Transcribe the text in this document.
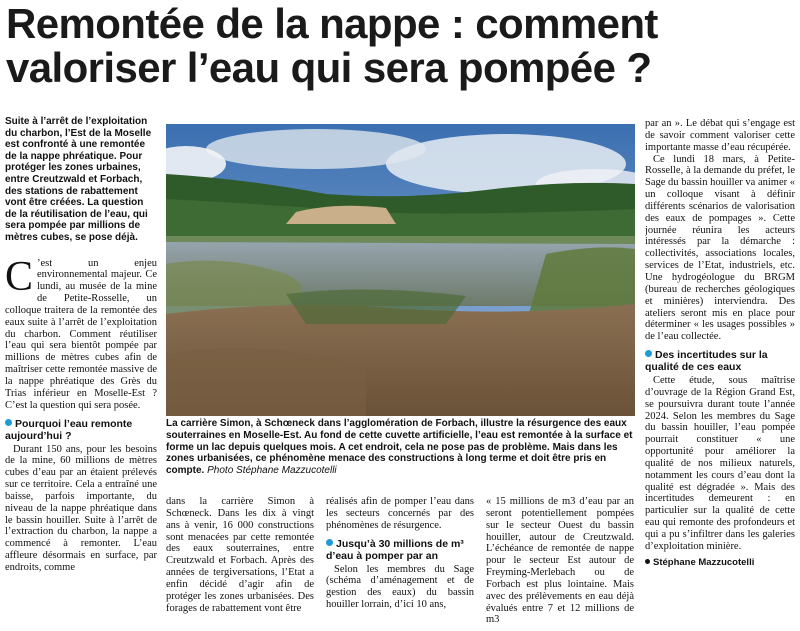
Remontée de la nappe : comment valoriser l’eau qui sera pompée ?
Suite à l’arrêt de l’exploitation du charbon, l’Est de la Moselle est confronté à une remontée de la nappe phréatique. Pour protéger les zones urbaines, entre Creutzwald et Forbach, des stations de rabattement vont être créées. La question de la réutilisation de l’eau, qui sera pompée par millions de mètres cubes, se pose déjà.
C ’est un enjeu environnemental majeur. Ce lundi, au musée de la mine de Petite-Rosselle, un colloque traitera de la remontée des eaux suite à l’arrêt de l’exploitation du charbon. Comment réutiliser l’eau qui sera bientôt pompée par millions de mètres cubes afin de maîtriser cette remontée massive de la nappe phréatique des Grès du Trias inférieur en Moselle-Est ? C’est la question qui sera posée.
Pourquoi l’eau remonte aujourd’hui ?

Durant 150 ans, pour les besoins de la mine, 60 millions de mètres cubes d’eau par an étaient prélevés sur ce territoire. Cela a entraîné une baisse, parfois importante, du niveau de la nappe phréatique dans le bassin houiller. Suite à l’arrêt de l’extraction du charbon, la nappe a commencé à remonter. L’eau affleure désormais en surface, par endroits, comme

La carrière Simon, à Schœneck dans l’agglomération de Forbach, illustre la résurgence des eaux souterraines en Moselle-Est. Au fond de cette cuvette artificielle, l’eau est remontée à la surface et forme un lac depuis quelques mois. A cet endroit, cela ne pose pas de problème. Mais dans les zones urbanisées, ce phénomène menace des constructions à long terme et doit être pris en compte. Photo Stéphane Mazzucotelli

dans la carrière Simon à Schœneck. Dans les dix à vingt ans à venir, 16 000 constructions sont menacées par cette remontée des eaux souterraines, entre Creutzwald et Forbach. Après des années de tergiversations, l’Etat a enfin décidé d’agir afin de protéger les zones urbanisées. Des forages de rabattement vont être

réalisés afin de pomper l’eau dans les secteurs concernés par des phénomènes de résurgence.

Jusqu’à 30 millions de m³ d’eau à pomper par an

Selon les membres du Sage (schéma d’aménagement et de gestion des eaux) du bassin houiller lorrain, d’ici 10 ans,

« 15 millions de m3 d’eau par an seront potentiellement pompées sur le secteur Ouest du bassin houiller, autour de Creutzwald. L’échéance de remontée de nappe pour le secteur Est autour de Freyming-Merlebach ou de Forbach est plus lointaine. Mais avec des prélèvements en eau déjà évalués entre 7 et 12 millions de m3

par an ». Le débat qui s’engage est de savoir comment valoriser cette importante masse d’eau récupérée.

Ce lundi 18 mars, à Petite-Rosselle, à la demande du préfet, le Sage du bassin houiller va animer « un colloque visant à définir différents scénarios de valorisation des eaux de pompages ». Cette journée réunira les acteurs intéressés par la démarche : collectivités, associations locales, services de l’Etat, industriels, etc. Une hydrogéologue du BRGM (bureau de recherches géologiques et minières) interviendra. Des ateliers seront mis en place pour déterminer « les usages possibles » de l’eau collectée.

Des incertitudes sur la qualité de ces eaux

Cette étude, sous maîtrise d’ouvrage de la Région Grand Est, se poursuivra durant toute l’année 2024. Selon les membres du Sage du bassin houiller, l’eau pompée pourrait constituer « une opportunité pour améliorer la qualité de nos milieux naturels, notamment les cours d’eau dont la qualité est dégradée ». Mais des incertitudes demeurent : en particulier sur la qualité de cette eau qui remonte des profondeurs et qui a pu s’infiltrer dans les galeries d’exploitation minière.

Stéphane Mazzucotelli
